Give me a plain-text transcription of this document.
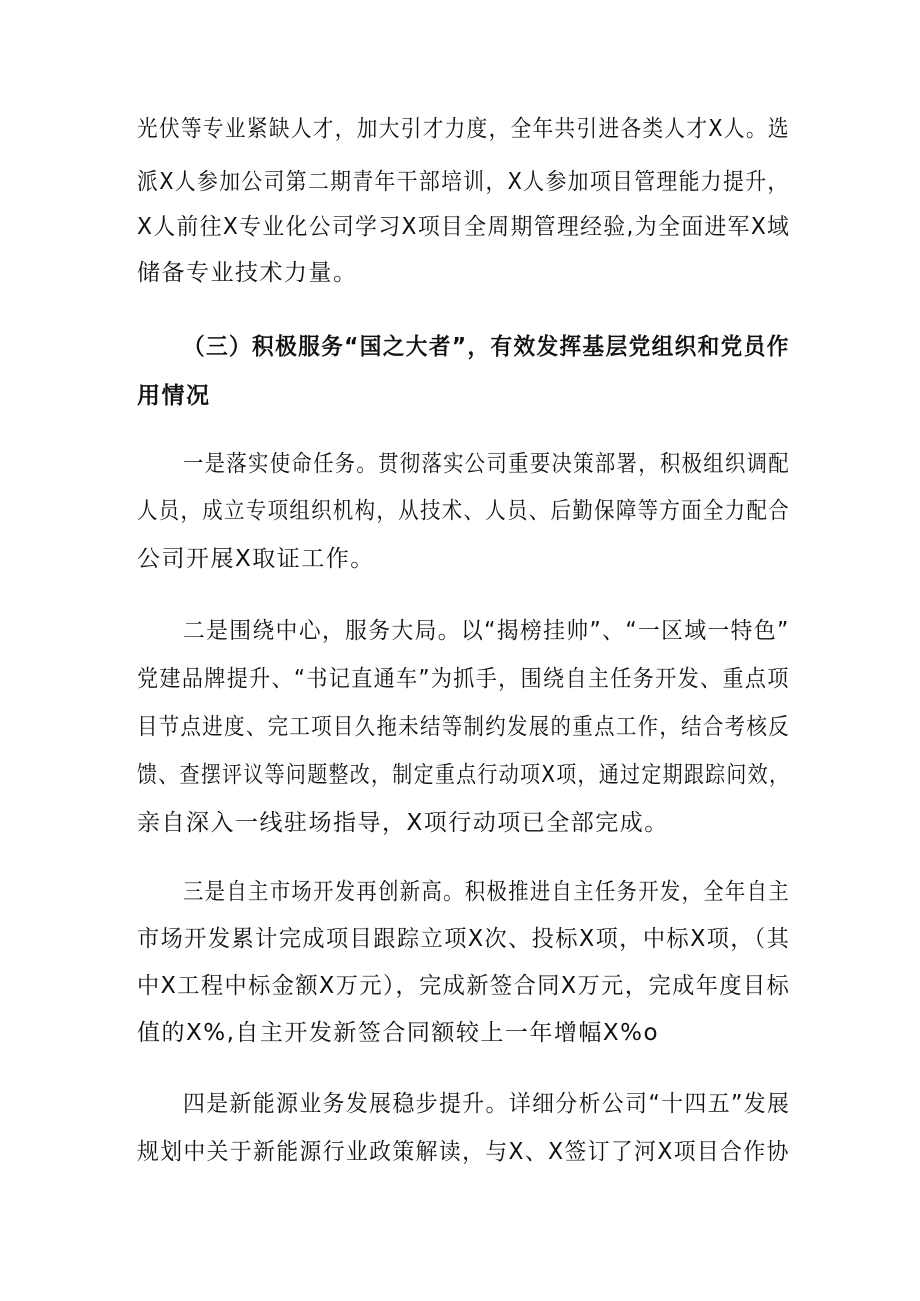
光伏等专业紧缺人才，加大引才力度，全年共引进各类人才X人。选
派X人参加公司第二期青年干部培训，X人参加项目管理能力提升，
X人前往X专业化公司学习X项目全周期管理经验,为全面进军X域
储备专业技术力量。
（三）积极服务“国之大者”，有效发挥基层党组织和党员作
用情况
一是落实使命任务。贯彻落实公司重要决策部署，积极组织调配
人员，成立专项组织机构，从技术、人员、后勤保障等方面全力配合
公司开展X取证工作。
二是围绕中心，服务大局。以“揭榜挂帅”、“一区域一特色”
党建品牌提升、“书记直通车”为抓手，围绕自主任务开发、重点项
目节点进度、完工项目久拖未结等制约发展的重点工作，结合考核反
馈、查摆评议等问题整改，制定重点行动项X项，通过定期跟踪问效，
亲自深入一线驻场指导，X项行动项已全部完成。
三是自主市场开发再创新高。积极推进自主任务开发，全年自主
市场开发累计完成项目跟踪立项X次、投标X项，中标X项，（其
中X工程中标金额X万元），完成新签合同X万元，完成年度目标
值的X%,自主开发新签合同额较上一年增幅X%o
四是新能源业务发展稳步提升。详细分析公司“十四五”发展
规划中关于新能源行业政策解读，与X、X签订了河X项目合作协
